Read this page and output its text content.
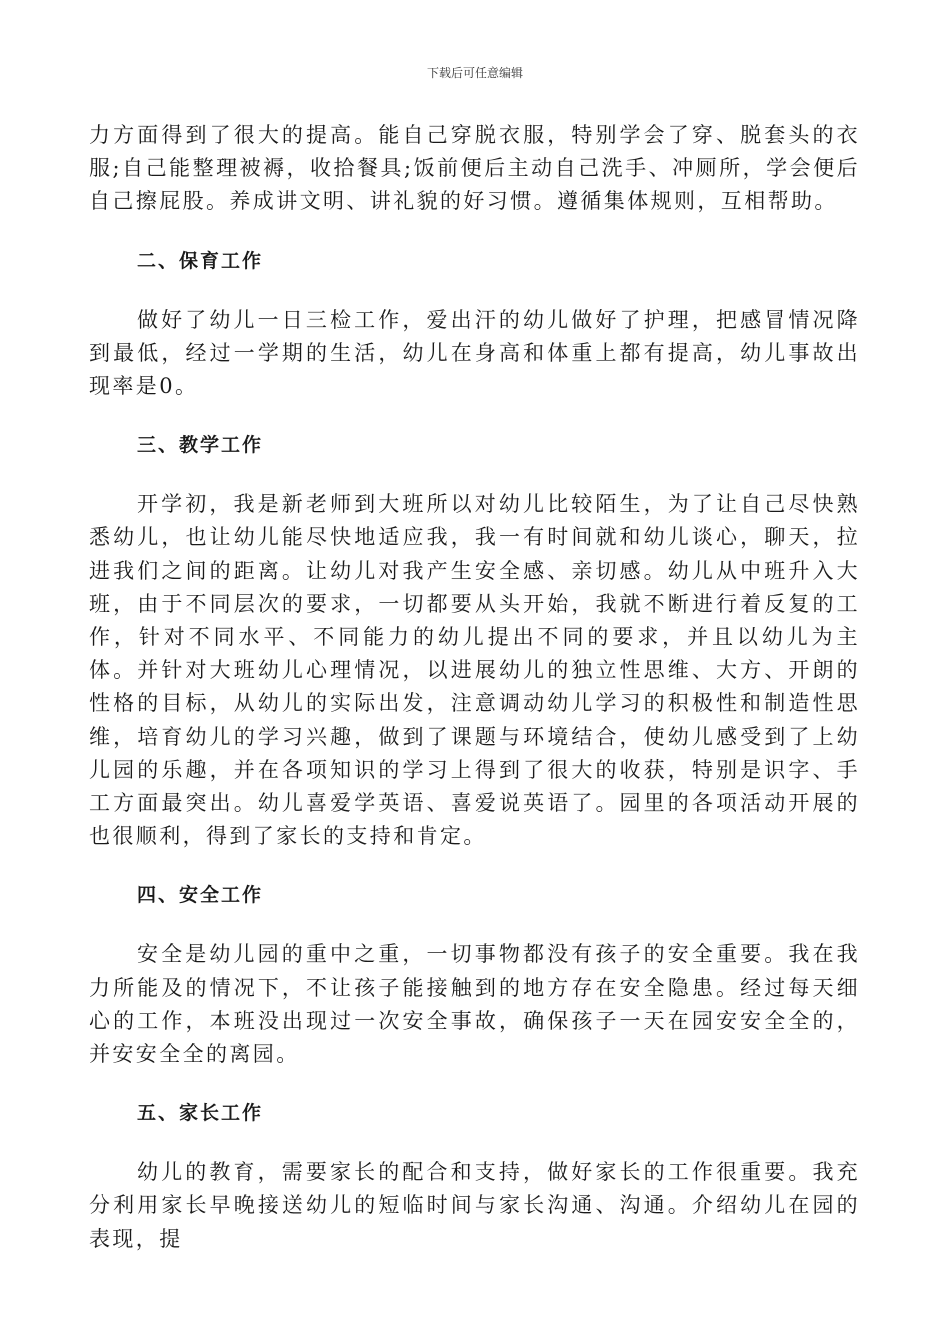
下载后可任意编辑

力方面得到了很大的提高。能自己穿脱衣服，特别学会了穿、脱套头的衣服;自己能整理被褥，收拾餐具;饭前便后主动自己洗手、冲厕所，学会便后自己擦屁股。养成讲文明、讲礼貌的好习惯。遵循集体规则，互相帮助。

二、保育工作

做好了幼儿一日三检工作，爱出汗的幼儿做好了护理，把感冒情况降到最低，经过一学期的生活，幼儿在身高和体重上都有提高，幼儿事故出现率是0。

三、教学工作

开学初，我是新老师到大班所以对幼儿比较陌生，为了让自己尽快熟悉幼儿，也让幼儿能尽快地适应我，我一有时间就和幼儿谈心，聊天，拉进我们之间的距离。让幼儿对我产生安全感、亲切感。幼儿从中班升入大班，由于不同层次的要求，一切都要从头开始，我就不断进行着反复的工作，针对不同水平、不同能力的幼儿提出不同的要求，并且以幼儿为主体。并针对大班幼儿心理情况，以进展幼儿的独立性思维、大方、开朗的性格的目标，从幼儿的实际出发，注意调动幼儿学习的积极性和制造性思维，培育幼儿的学习兴趣，做到了课题与环境结合，使幼儿感受到了上幼儿园的乐趣，并在各项知识的学习上得到了很大的收获，特别是识字、手工方面最突出。幼儿喜爱学英语、喜爱说英语了。园里的各项活动开展的也很顺利，得到了家长的支持和肯定。

四、安全工作

安全是幼儿园的重中之重，一切事物都没有孩子的安全重要。我在我力所能及的情况下，不让孩子能接触到的地方存在安全隐患。经过每天细心的工作，本班没出现过一次安全事故，确保孩子一天在园安安全全的，并安安全全的离园。

五、家长工作

幼儿的教育，需要家长的配合和支持，做好家长的工作很重要。我充分利用家长早晚接送幼儿的短临时间与家长沟通、沟通。介绍幼儿在园的表现，提
